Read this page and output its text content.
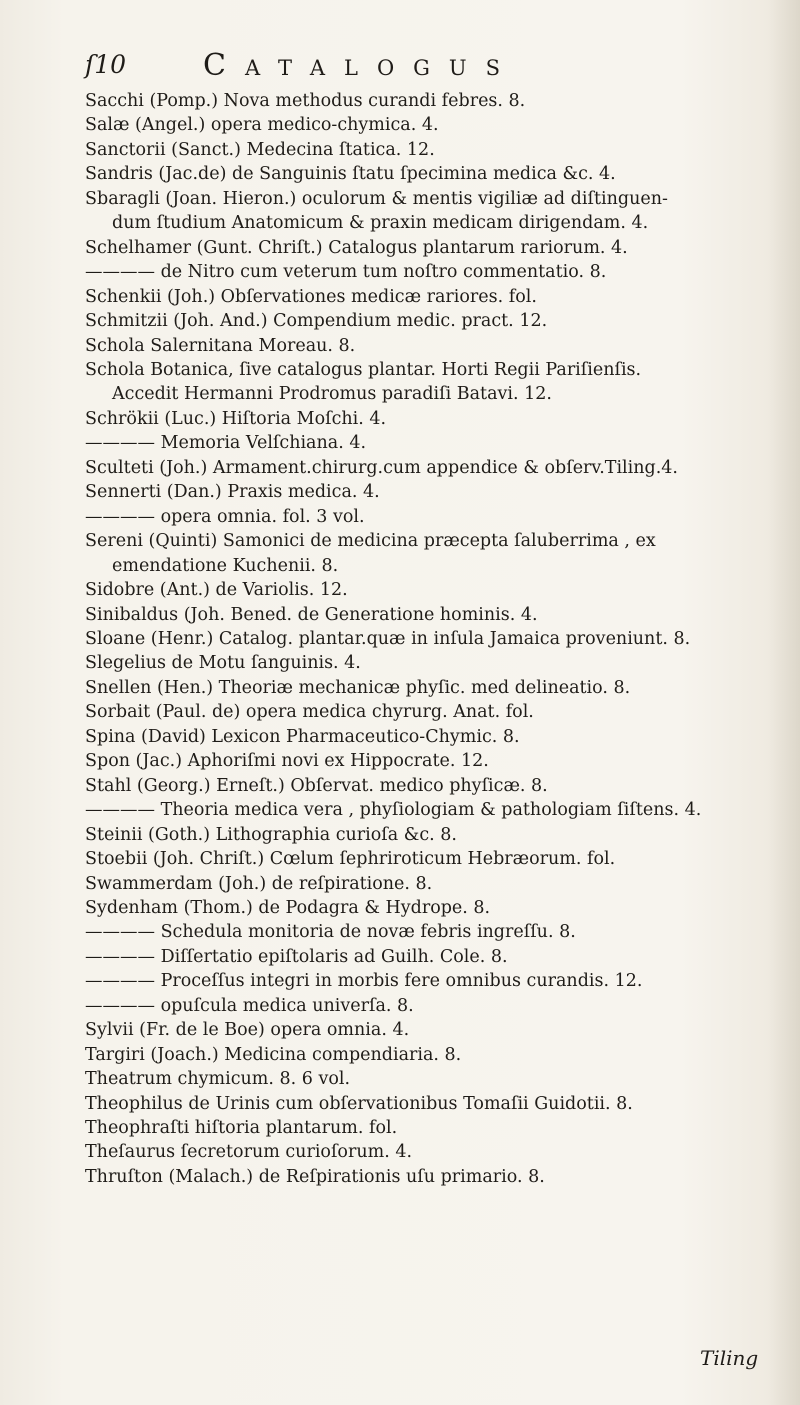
ſ10	Catalogus
Sacchi (Pomp.) Nova methodus curandi febres. 8.
Salæ (Angel.) opera medico-chymica. 4.
Sanctorii (Sanct.) Medecina ſtatica. 12.
Sandris (Jac.de) de Sanguinis ſtatu ſpecimina medica &c. 4.
Sbaragli (Joan. Hieron.) oculorum & mentis vigiliæ ad diſtinguen-
dum ſtudium Anatomicum & praxin medicam dirigendam. 4.
Schelhamer (Gunt. Chriſt.) Catalogus plantarum rariorum. 4.
———— de Nitro cum veterum tum noſtro commentatio. 8.
Schenkii (Joh.) Obſervationes medicæ rariores. fol.
Schmitzii (Joh. And.) Compendium medic. pract. 12.
Schola Salernitana Moreau. 8.
Schola Botanica, ſive catalogus plantar. Horti Regii Pariſienſis.
Accedit Hermanni Prodromus paradiſi Batavi. 12.
Schrökii (Luc.) Hiſtoria Moſchi. 4.
———— Memoria Velſchiana. 4.
Sculteti (Joh.) Armament.chirurg.cum appendice & obſerv.Tiling.4.
Sennerti (Dan.) Praxis medica. 4.
———— opera omnia. fol. 3 vol.
Sereni (Quinti) Samonici de medicina præcepta ſaluberrima , ex
emendatione Kuchenii. 8.
Sidobre (Ant.) de Variolis. 12.
Sinibaldus (Joh. Bened. de Generatione hominis. 4.
Sloane (Henr.) Catalog. plantar.quæ in inſula Jamaica proveniunt. 8.
Slegelius de Motu ſanguinis. 4.
Snellen (Hen.) Theoriæ mechanicæ phyſic. med delineatio. 8.
Sorbait (Paul. de) opera medica chyrurg. Anat. fol.
Spina (David) Lexicon Pharmaceutico-Chymic. 8.
Spon (Jac.) Aphoriſmi novi ex Hippocrate. 12.
Stahl (Georg.) Erneſt.) Obſervat. medico phyſicæ. 8.
———— Theoria medica vera , phyſiologiam & pathologiam ſiſtens. 4.
Steinii (Goth.) Lithographia curioſa &c. 8.
Stoebii (Joh. Chriſt.) Cœlum ſephriroticum Hebræorum. fol.
Swammerdam (Joh.) de reſpiratione. 8.
Sydenham (Thom.) de Podagra & Hydrope. 8.
———— Schedula monitoria de novæ febris ingreſſu. 8.
———— Diſſertatio epiſtolaris ad Guilh. Cole. 8.
———— Proceſſus integri in morbis fere omnibus curandis. 12.
———— opuſcula medica univerſa. 8.
Sylvii (Fr. de le Boe) opera omnia. 4.
Targiri (Joach.) Medicina compendiaria. 8.
Theatrum chymicum. 8. 6 vol.
Theophilus de Urinis cum obſervationibus Tomaſii Guidotii. 8.
Theophraſti hiſtoria plantarum. fol.
Theſaurus ſecretorum curioſorum. 4.
Thruſton (Malach.) de Reſpirationis uſu primario. 8.
Tiling
